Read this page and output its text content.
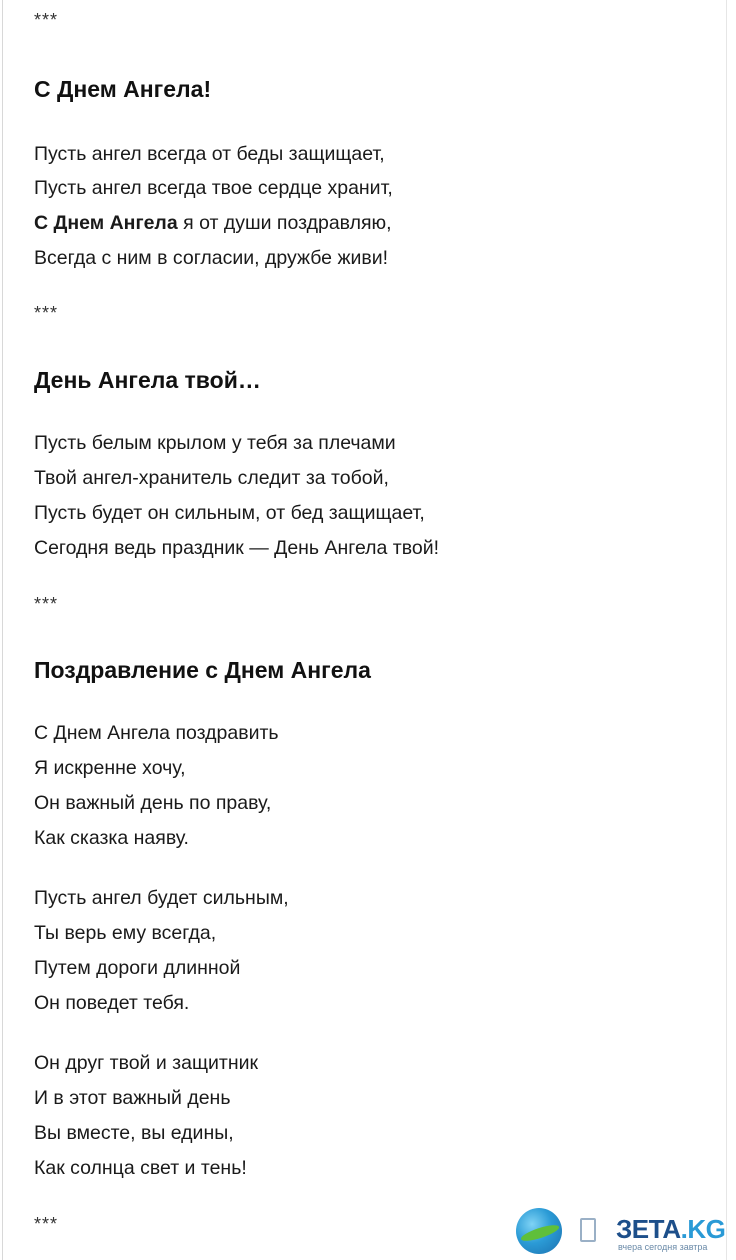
***
С Днем Ангела!
Пусть ангел всегда от беды защищает,
Пусть ангел всегда твое сердце хранит,
С Днем Ангела я от души поздравляю,
Всегда с ним в согласии, дружбе живи!
***
День Ангела твой…
Пусть белым крылом у тебя за плечами
Твой ангел-хранитель следит за тобой,
Пусть будет он сильным, от бед защищает,
Сегодня ведь праздник — День Ангела твой!
***
Поздравление с Днем Ангела
С Днем Ангела поздравить
Я искренне хочу,
Он важный день по праву,
Как сказка наяву.
Пусть ангел будет сильным,
Ты верь ему всегда,
Путем дороги длинной
Он поведет тебя.
Он друг твой и защитник
И в этот важный день
Вы вместе, вы едины,
Как солнца свет и тень!
***	ЗЕТА.KG
вчера сегодня завтра
